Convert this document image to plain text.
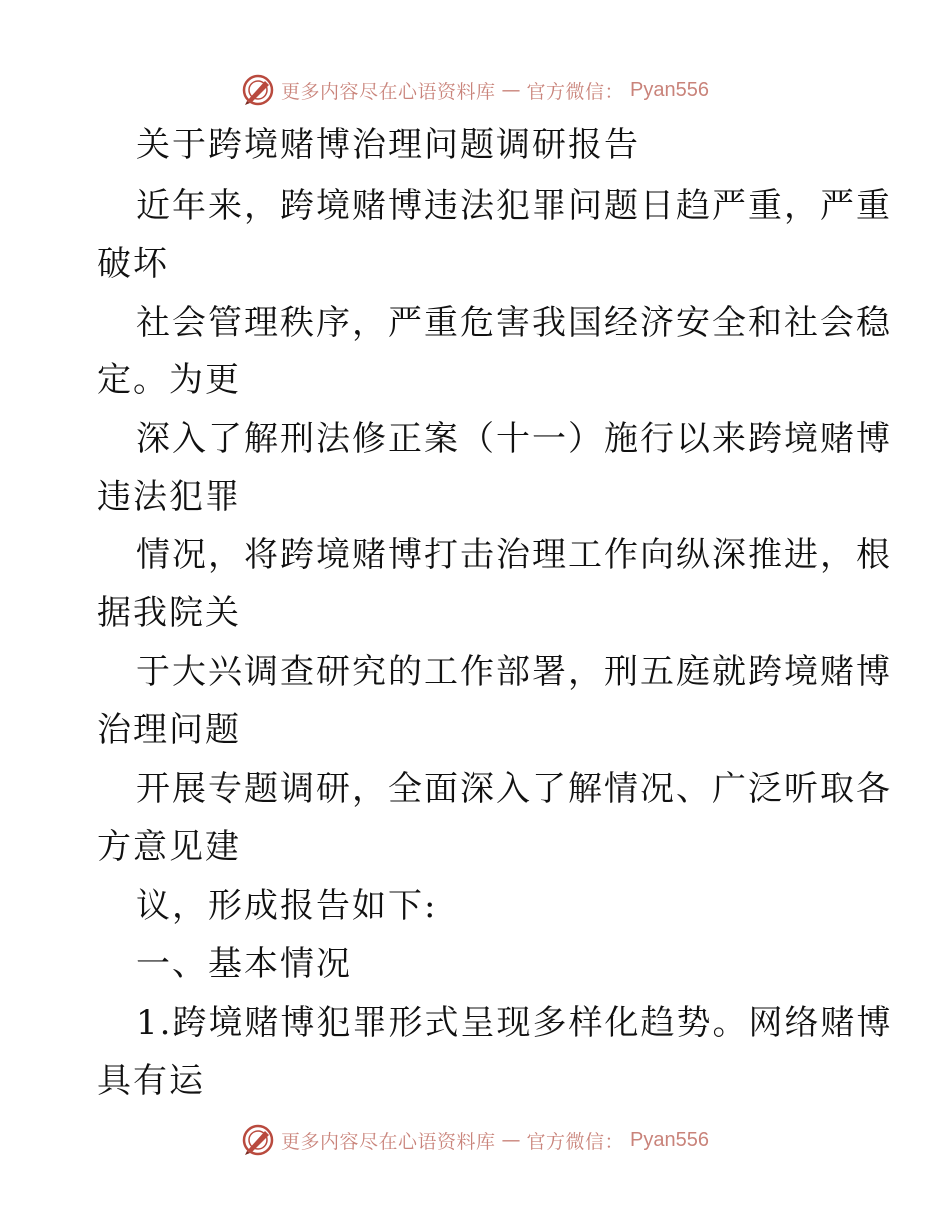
更多内容尽在心语资料库 — 官方微信： Pyan556
关于跨境赌博治理问题调研报告
近年来，跨境赌博违法犯罪问题日趋严重，严重
破坏
社会管理秩序，严重危害我国经济安全和社会稳
定。为更
深入了解刑法修正案（十一）施行以来跨境赌博
违法犯罪
情况，将跨境赌博打击治理工作向纵深推进，根
据我院关
于大兴调查研究的工作部署，刑五庭就跨境赌博
治理问题
开展专题调研，全面深入了解情况、广泛听取各
方意见建
议，形成报告如下:
一、基本情况
1.跨境赌博犯罪形式呈现多样化趋势。网络赌博
具有运
更多内容尽在心语资料库 — 官方微信： Pyan556
